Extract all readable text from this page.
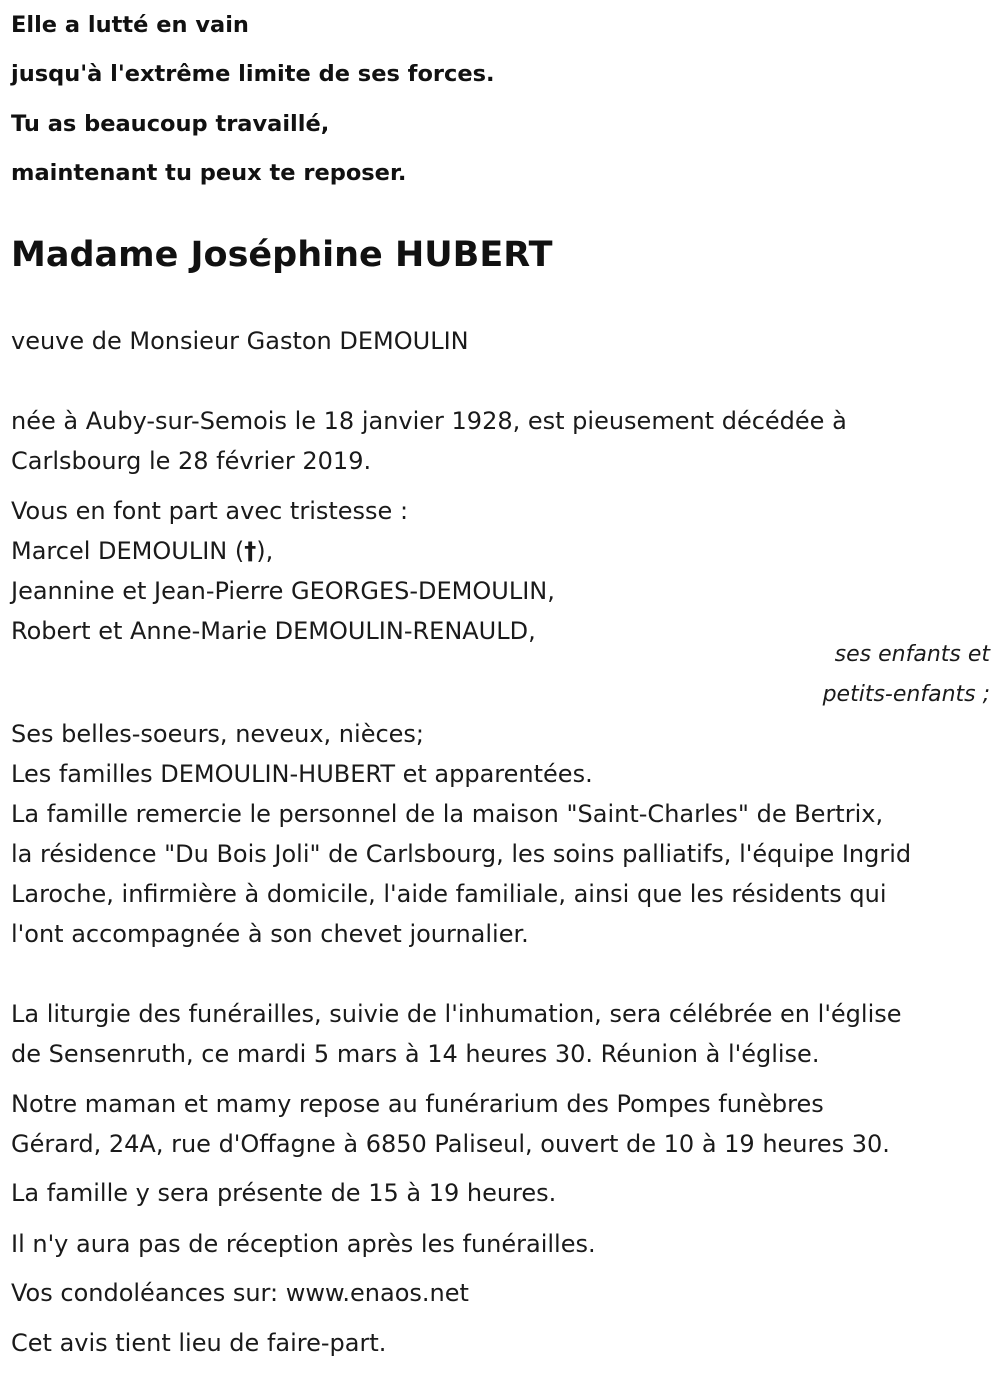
Elle a lutté en vain
jusqu'à l'extrême limite de ses forces.
Tu as beaucoup travaillé,
maintenant tu peux te reposer.
Madame Joséphine HUBERT
veuve de Monsieur Gaston DEMOULIN
née à Auby-sur-Semois le 18 janvier 1928, est pieusement décédée à
Carlsbourg le 28 février 2019.
Vous en font part avec tristesse :
Marcel DEMOULIN (†),
Jeannine et Jean-Pierre GEORGES-DEMOULIN,
Robert et Anne-Marie DEMOULIN-RENAULD,
ses enfants et
petits-enfants ;
Ses belles-soeurs, neveux, nièces;
Les familles DEMOULIN-HUBERT et apparentées.
La famille remercie le personnel de la maison "Saint-Charles" de Bertrix,
la résidence "Du Bois Joli" de Carlsbourg, les soins palliatifs, l'équipe Ingrid
Laroche, infirmière à domicile, l'aide familiale, ainsi que les résidents qui
l'ont accompagnée à son chevet journalier.
La liturgie des funérailles, suivie de l'inhumation, sera célébrée en l'église
de Sensenruth, ce mardi 5 mars à 14 heures 30. Réunion à l'église.
Notre maman et mamy repose au funérarium des Pompes funèbres
Gérard, 24A, rue d'Offagne à 6850 Paliseul, ouvert de 10 à 19 heures 30.
La famille y sera présente de 15 à 19 heures.
Il n'y aura pas de réception après les funérailles.
Vos condoléances sur: www.enaos.net
Cet avis tient lieu de faire-part.
